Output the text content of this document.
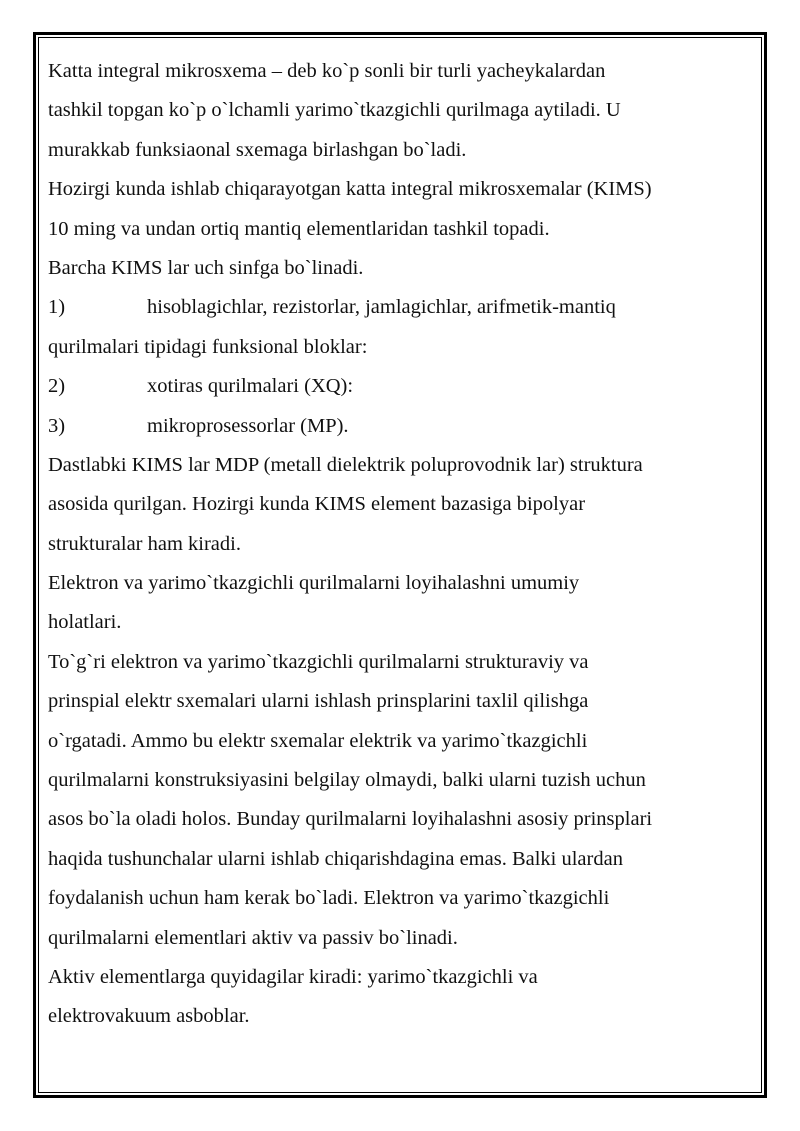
Katta integral mikrosxema – deb ko`p sonli bir turli yacheykalardan
tashkil topgan ko`p o`lchamli yarimo`tkazgichli qurilmaga aytiladi. U
murakkab funksiaonal sxemaga birlashgan bo`ladi.
Hozirgi kunda ishlab chiqarayotgan katta integral mikrosxemalar (KIMS)
10 ming va undan ortiq mantiq elementlaridan tashkil topadi.
Barcha KIMS lar uch sinfga bo`linadi.
1)	hisoblagichlar, rezistorlar, jamlagichlar, arifmetik-mantiq
qurilmalari tipidagi funksional bloklar:
2)	xotiras qurilmalari (XQ):
3)	mikroprosessorlar (MP).
Dastlabki KIMS lar MDP (metall dielektrik poluprovodnik lar) struktura
asosida qurilgan. Hozirgi kunda KIMS element bazasiga bipolyar
strukturalar ham kiradi.
Elektron va yarimo`tkazgichli qurilmalarni loyihalashni umumiy
holatlari.
To`g`ri elektron va yarimo`tkazgichli qurilmalarni strukturaviy va
prinspial elektr sxemalari ularni ishlash prinsplarini taxlil qilishga
o`rgatadi. Ammo bu elektr sxemalar elektrik va yarimo`tkazgichli
qurilmalarni konstruksiyasini belgilay olmaydi, balki ularni tuzish uchun
asos bo`la oladi holos. Bunday qurilmalarni loyihalashni asosiy prinsplari
haqida tushunchalar ularni ishlab chiqarishdagina emas. Balki ulardan
foydalanish uchun ham kerak bo`ladi. Elektron va yarimo`tkazgichli
qurilmalarni elementlari aktiv va passiv bo`linadi.
Aktiv elementlarga quyidagilar kiradi: yarimo`tkazgichli va
elektrovakuum asboblar.
